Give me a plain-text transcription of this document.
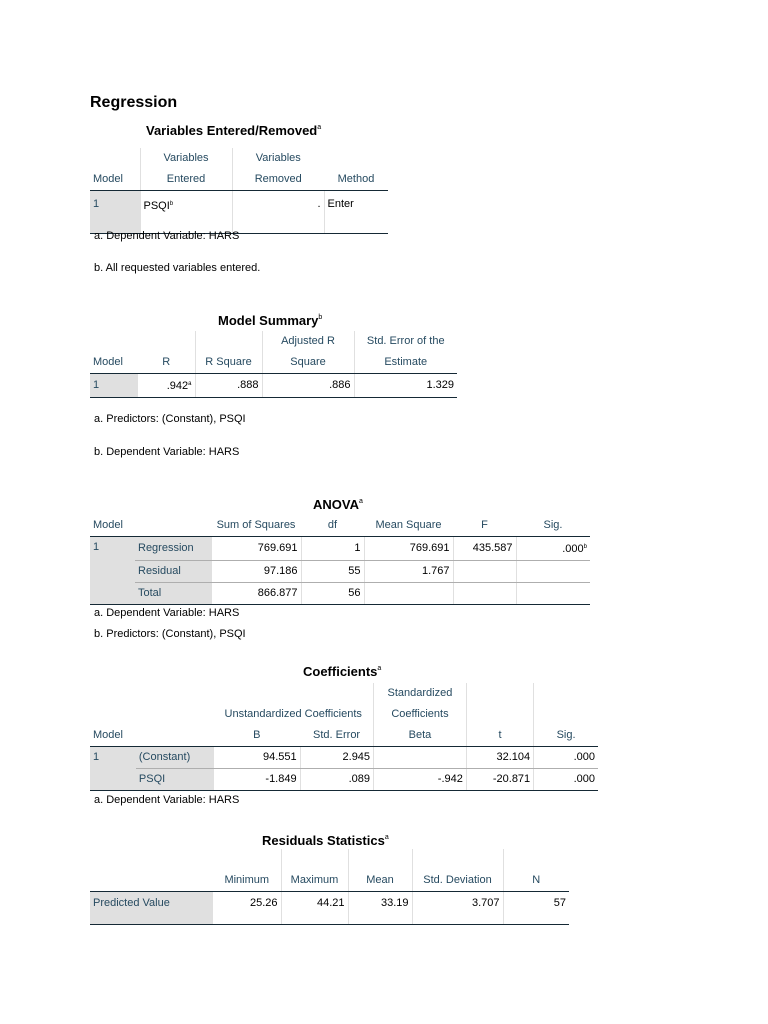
Regression
Variables Entered/Removed$^a$
	Variables	Variables	
Model	Entered	Removed	Method
1	PSQI$^b$	.	Enter
a. Dependent Variable: HARS
b. All requested variables entered.
Model Summary$^b$
			Adjusted R	Std. Error of the
Model	R	R Square	Square	Estimate
1	.942$^a$	.888	.886	1.329
a. Predictors: (Constant), PSQI
b. Dependent Variable: HARS
ANOVA$^a$
Model		Sum of Squares	df	Mean Square	F	Sig.
1	Regression	769.691	1	769.691	435.587	.000$^b$
	Residual	97.186	55	1.767		
	Total	866.877	56			
a. Dependent Variable: HARS
b. Predictors: (Constant), PSQI
Coefficients$^a$
				Standardized		
		Unstandardized Coefficients		Coefficients		
Model		B	Std. Error	Beta	t	Sig.
1	(Constant)	94.551	2.945		32.104	.000
	PSQI	-1.849	.089	-.942	-20.871	.000
a. Dependent Variable: HARS
Residuals Statistics$^a$

	Minimum	Maximum	Mean	Std. Deviation	N
Predicted Value	25.26	44.21	33.19	3.707	57
